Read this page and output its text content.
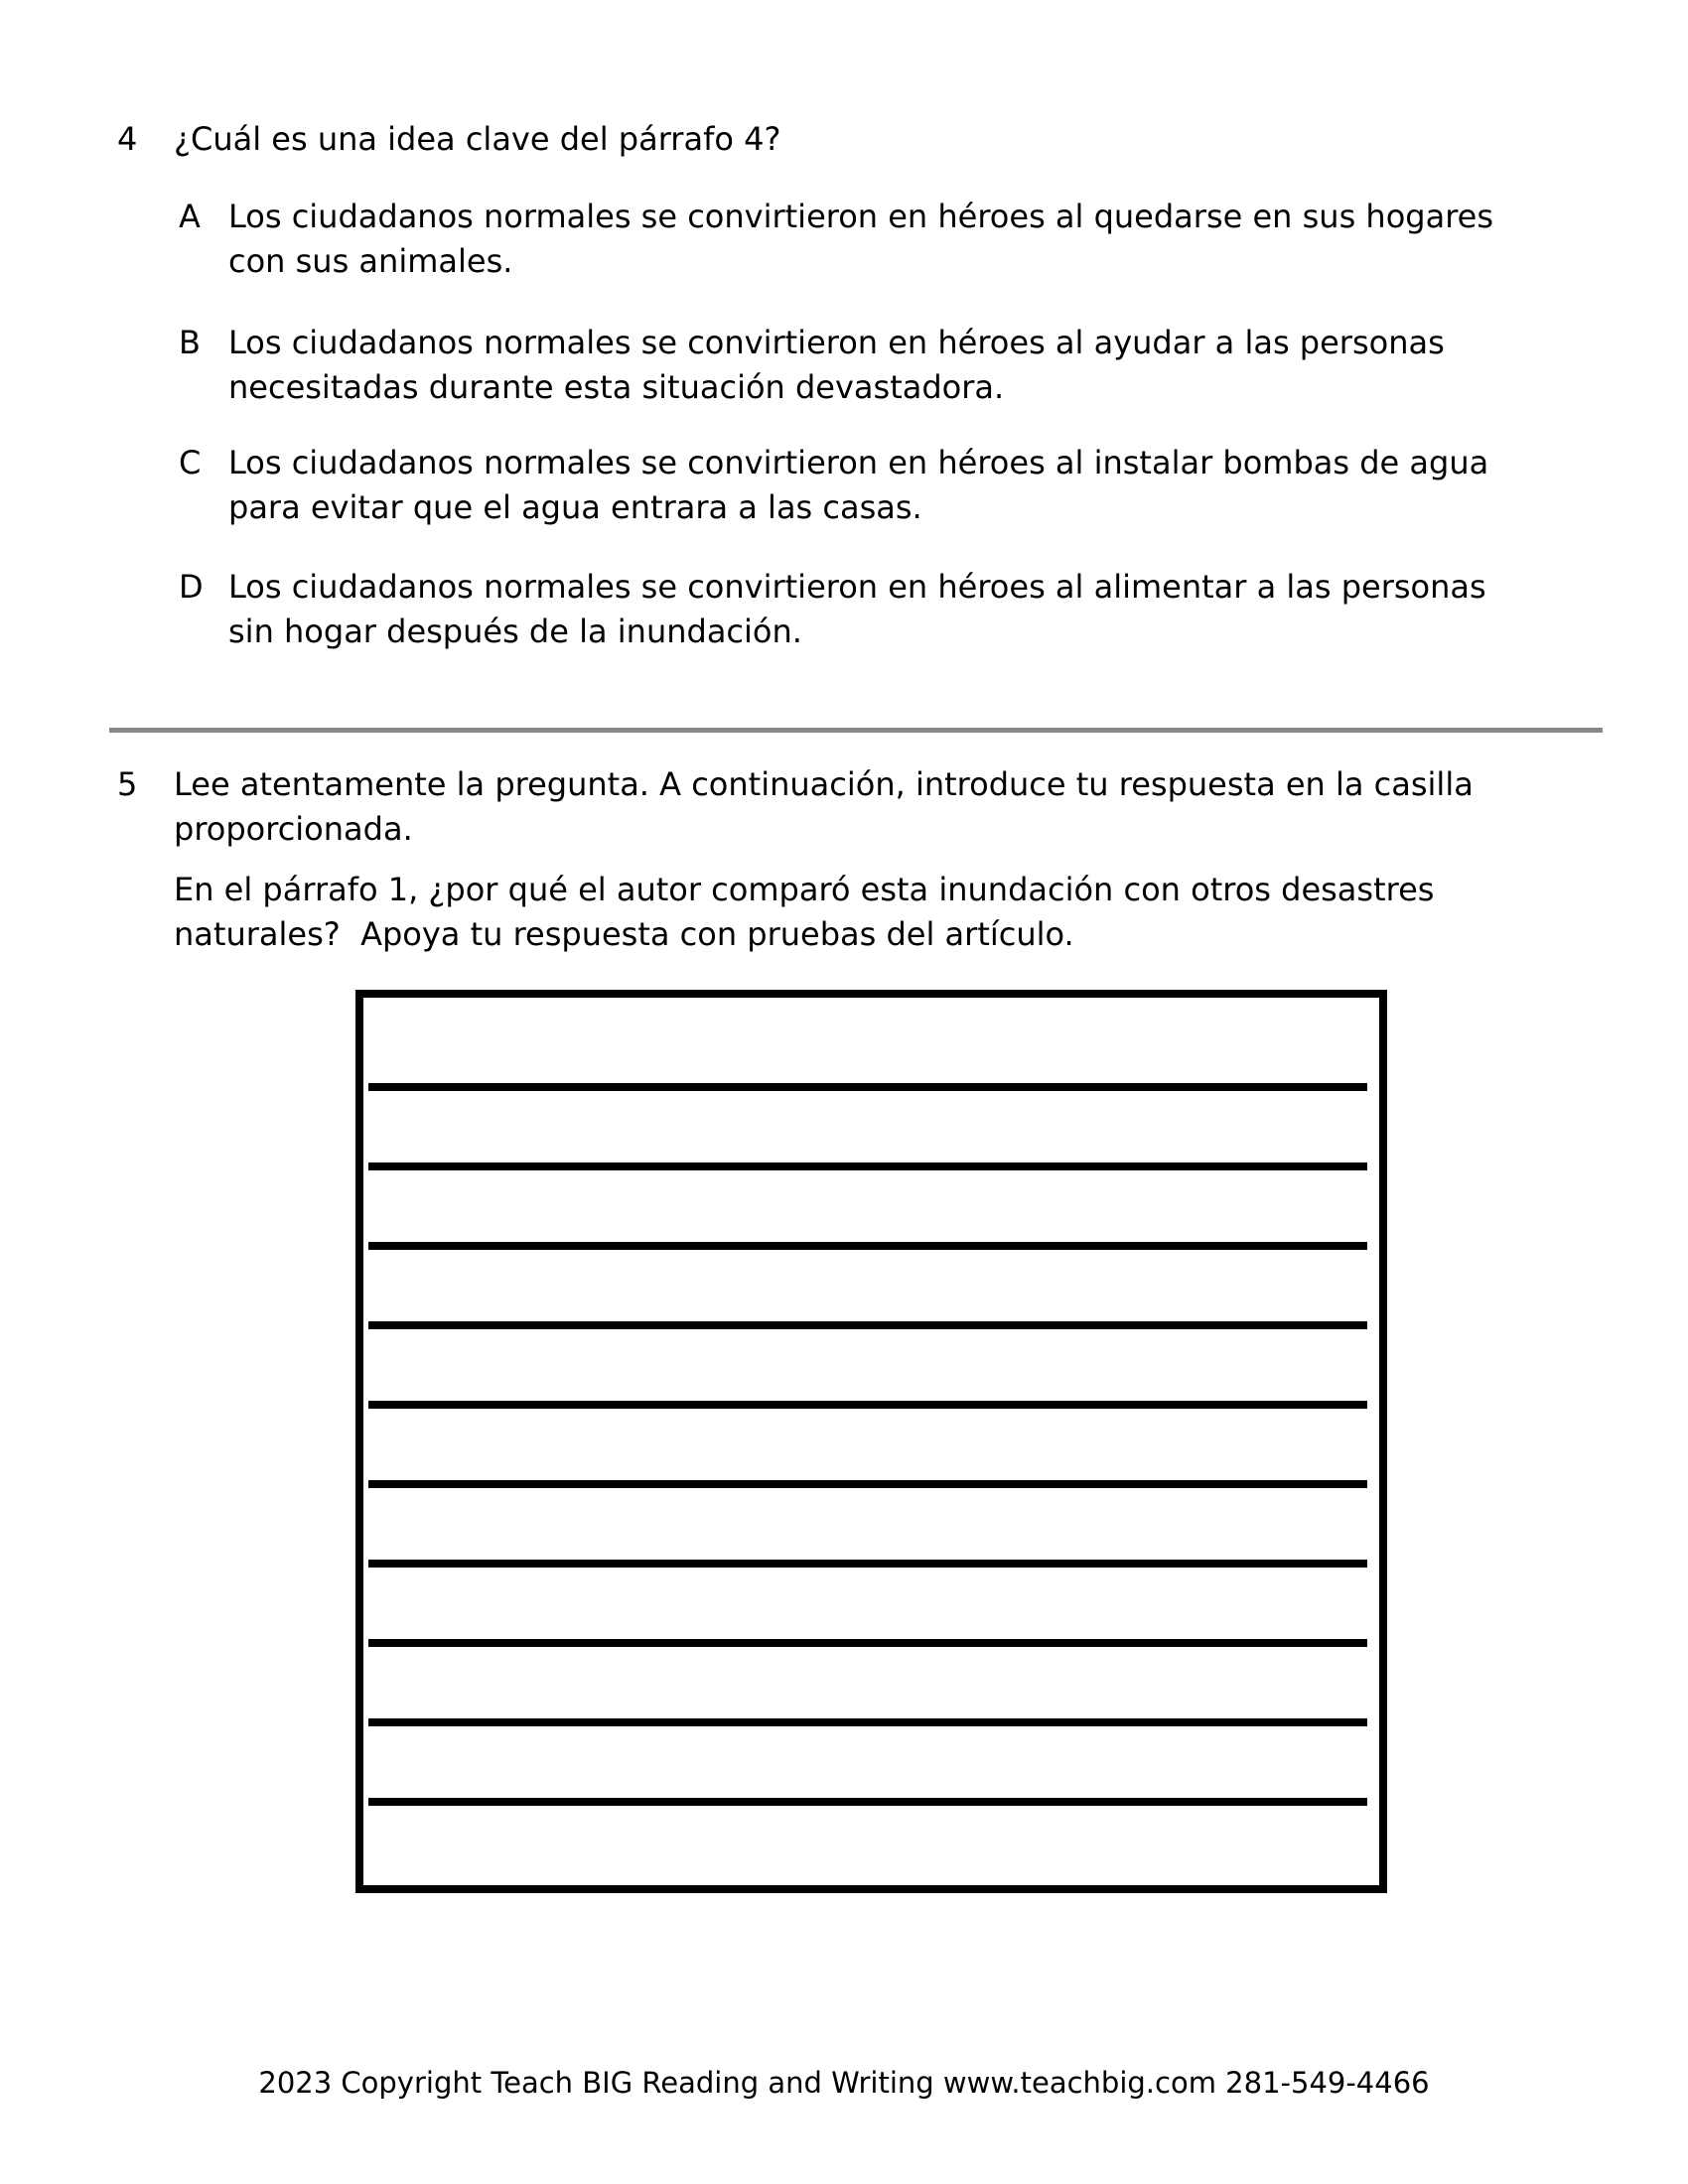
4 ¿Cuál es una idea clave del párrafo 4?
A Los ciudadanos normales se convirtieron en héroes al quedarse en sus hogares
con sus animales.
B Los ciudadanos normales se convirtieron en héroes al ayudar a las personas
necesitadas durante esta situación devastadora.
C Los ciudadanos normales se convirtieron en héroes al instalar bombas de agua
para evitar que el agua entrara a las casas.
D Los ciudadanos normales se convirtieron en héroes al alimentar a las personas
sin hogar después de la inundación.
5 Lee atentamente la pregunta. A continuación, introduce tu respuesta en la casilla
proporcionada.
En el párrafo 1, ¿por qué el autor comparó esta inundación con otros desastres
naturales?  Apoya tu respuesta con pruebas del artículo.
2023 Copyright Teach BIG Reading and Writing www.teachbig.com 281-549-4466
